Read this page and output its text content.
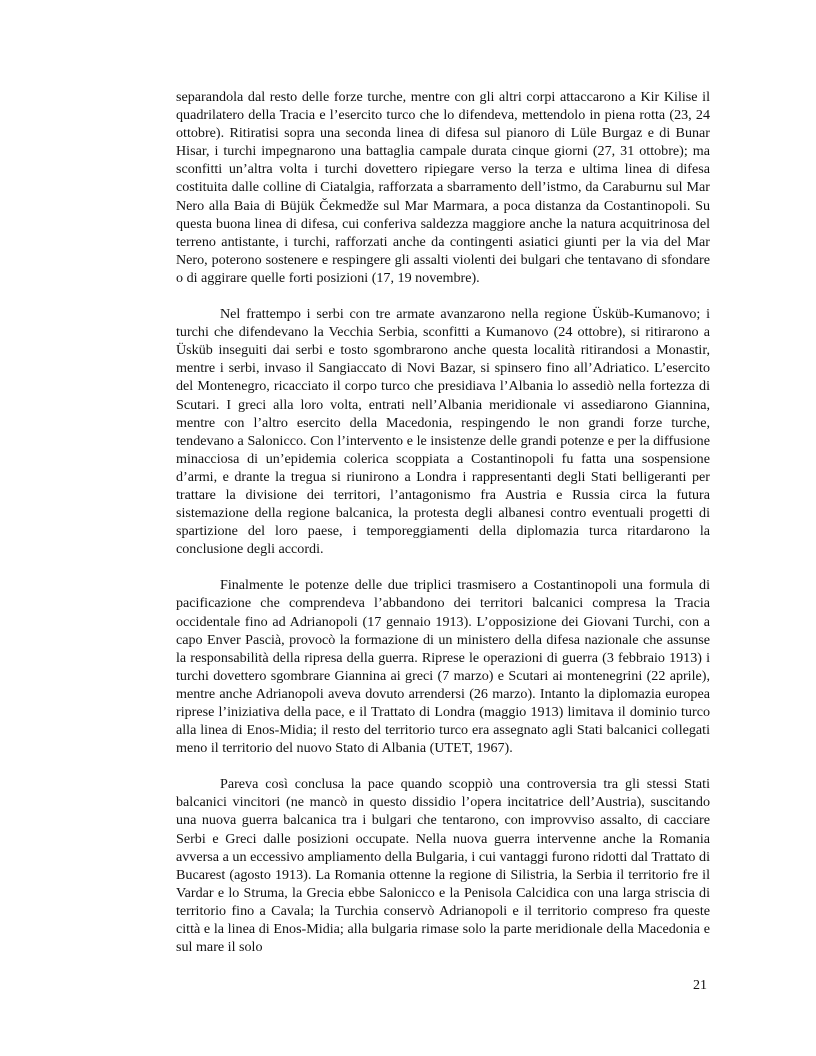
separandola dal resto delle forze turche, mentre con gli altri corpi attaccarono a Kir Kilise il quadrilatero della Tracia e l’esercito turco che lo difendeva, mettendolo in piena rotta (23, 24 ottobre). Ritiratisi sopra una seconda linea di difesa sul pianoro di Lüle Burgaz e di Bunar Hisar, i turchi impegnarono una battaglia campale durata cinque giorni (27, 31 ottobre); ma sconfitti un’altra volta i turchi dovettero ripiegare verso la terza e ultima linea di difesa costituita dalle colline di Ciatalgia, rafforzata a sbarramento dell’istmo, da Caraburnu sul Mar Nero alla Baia di Büjük Čekmedže sul Mar Marmara, a poca distanza da Costantinopoli. Su questa buona linea di difesa, cui conferiva saldezza maggiore anche la natura acquitrinosa del terreno antistante, i turchi, rafforzati anche da contingenti asiatici giunti per la via del Mar Nero, poterono sostenere e respingere gli assalti violenti dei bulgari che tentavano di sfondare o di aggirare quelle forti posizioni (17, 19 novembre).

Nel frattempo i serbi con tre armate avanzarono nella regione Üsküb-Kumanovo; i turchi che difendevano la Vecchia Serbia, sconfitti a Kumanovo (24 ottobre), si ritirarono a Üsküb inseguiti dai serbi e tosto sgombrarono anche questa località ritirandosi a Monastir, mentre i serbi, invaso il Sangiaccato di Novi Bazar, si spinsero fino all’Adriatico. L’esercito del Montenegro, ricacciato il corpo turco che presidiava l’Albania lo assediò nella fortezza di Scutari. I greci alla loro volta, entrati nell’Albania meridionale vi assediarono Giannina, mentre con l’altro esercito della Macedonia, respingendo le non grandi forze turche, tendevano a Salonicco. Con l’intervento e le insistenze delle grandi potenze e per la diffusione minacciosa di un’epidemia colerica scoppiata a Costantinopoli fu fatta una sospensione d’armi, e drante la tregua si riunirono a Londra i rappresentanti degli Stati belligeranti per trattare la divisione dei territori, l’antagonismo fra Austria e Russia circa la futura sistemazione della regione balcanica, la protesta degli albanesi contro eventuali progetti di spartizione del loro paese, i temporeggiamenti della diplomazia turca ritardarono la conclusione degli accordi.

Finalmente le potenze delle due triplici trasmisero a Costantinopoli una formula di pacificazione che comprendeva l’abbandono dei territori balcanici compresa la Tracia occidentale fino ad Adrianopoli (17 gennaio 1913). L’opposizione dei Giovani Turchi, con a capo Enver Pascià, provocò la formazione di un ministero della difesa nazionale che assunse la responsabilità della ripresa della guerra. Riprese le operazioni di guerra (3 febbraio 1913) i turchi dovettero sgombrare Giannina ai greci (7 marzo) e Scutari ai montenegrini (22 aprile), mentre anche Adrianopoli aveva dovuto arrendersi (26 marzo). Intanto la diplomazia europea riprese l’iniziativa della pace, e il Trattato di Londra (maggio 1913) limitava il dominio turco alla linea di Enos-Midia; il resto del territorio turco era assegnato agli Stati balcanici collegati meno il territorio del nuovo Stato di Albania (UTET, 1967).

Pareva così conclusa la pace quando scoppiò una controversia tra gli stessi Stati balcanici vincitori (ne mancò in questo dissidio l’opera incitatrice dell’Austria), suscitando una nuova guerra balcanica tra i bulgari che tentarono, con improvviso assalto, di cacciare Serbi e Greci dalle posizioni occupate. Nella nuova guerra intervenne anche la Romania avversa a un eccessivo ampliamento della Bulgaria, i cui vantaggi furono ridotti dal Trattato di Bucarest (agosto 1913). La Romania ottenne la regione di Silistria, la Serbia il territorio fre il Vardar e lo Struma, la Grecia ebbe Salonicco e la Penisola Calcidica con una larga striscia di territorio fino a Cavala; la Turchia conservò Adrianopoli e il territorio compreso fra queste città e la linea di Enos-Midia; alla bulgaria rimase solo la parte meridionale della Macedonia e sul mare il solo

21
